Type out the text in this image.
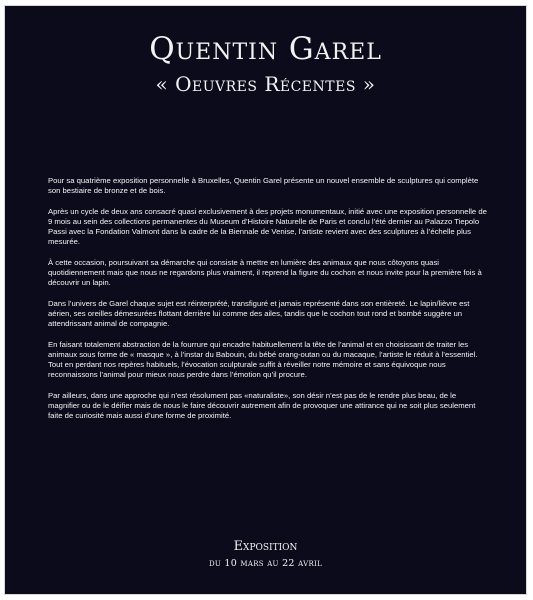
Quentin Garel
« Oeuvres Récentes »

Pour sa quatrième exposition personnelle à Bruxelles, Quentin Garel présente un nouvel ensemble de sculptures qui complète son bestiaire de bronze et de bois.

Après un cycle de deux ans consacré quasi exclusivement à des projets monumentaux, initié avec une exposition personnelle de 9 mois au sein des collections permanentes du Museum d’Histoire Naturelle de Paris et conclu l’été dernier au Palazzo Tiepolo Passi avec la Fondation Valmont dans la cadre de la Biennale de Venise, l’artiste revient avec des sculptures à l’échelle plus mesurée.

À cette occasion, poursuivant sa démarche qui consiste à mettre en lumière des animaux que nous côtoyons quasi quotidiennement mais que nous ne regardons plus vraiment, il reprend la figure du cochon et nous invite pour la première fois à découvrir un lapin.

Dans l’univers de Garel chaque sujet est réinterprété, transfiguré et jamais représenté dans son entièreté. Le lapin/lièvre est aérien, ses oreilles démesurées flottant derrière lui comme des ailes, tandis que le cochon tout rond et bombé suggère un attendrissant animal de compagnie.

En faisant totalement abstraction de la fourrure qui encadre habituellement la tête de l’animal et en choisissant de traiter les animaux sous forme de « masque », à l’instar du Babouin, du bébé orang-outan ou du macaque, l’artiste le réduit à l’essentiel.

Tout en perdant nos repères habituels, l’évocation sculpturale suffit à réveiller notre mémoire et sans équivoque nous reconnaissons l’animal pour mieux nous perdre dans l’émotion qu’il procure.

Par ailleurs, dans une approche qui n’est résolument pas «naturaliste», son désir n’est pas de le rendre plus beau, de le magnifier ou de le déifier mais de nous le faire découvrir autrement afin de provoquer une attirance qui ne soit plus seulement faite de curiosité mais aussi d’une forme de proximité.

Exposition
du 10 mars au 22 avril
